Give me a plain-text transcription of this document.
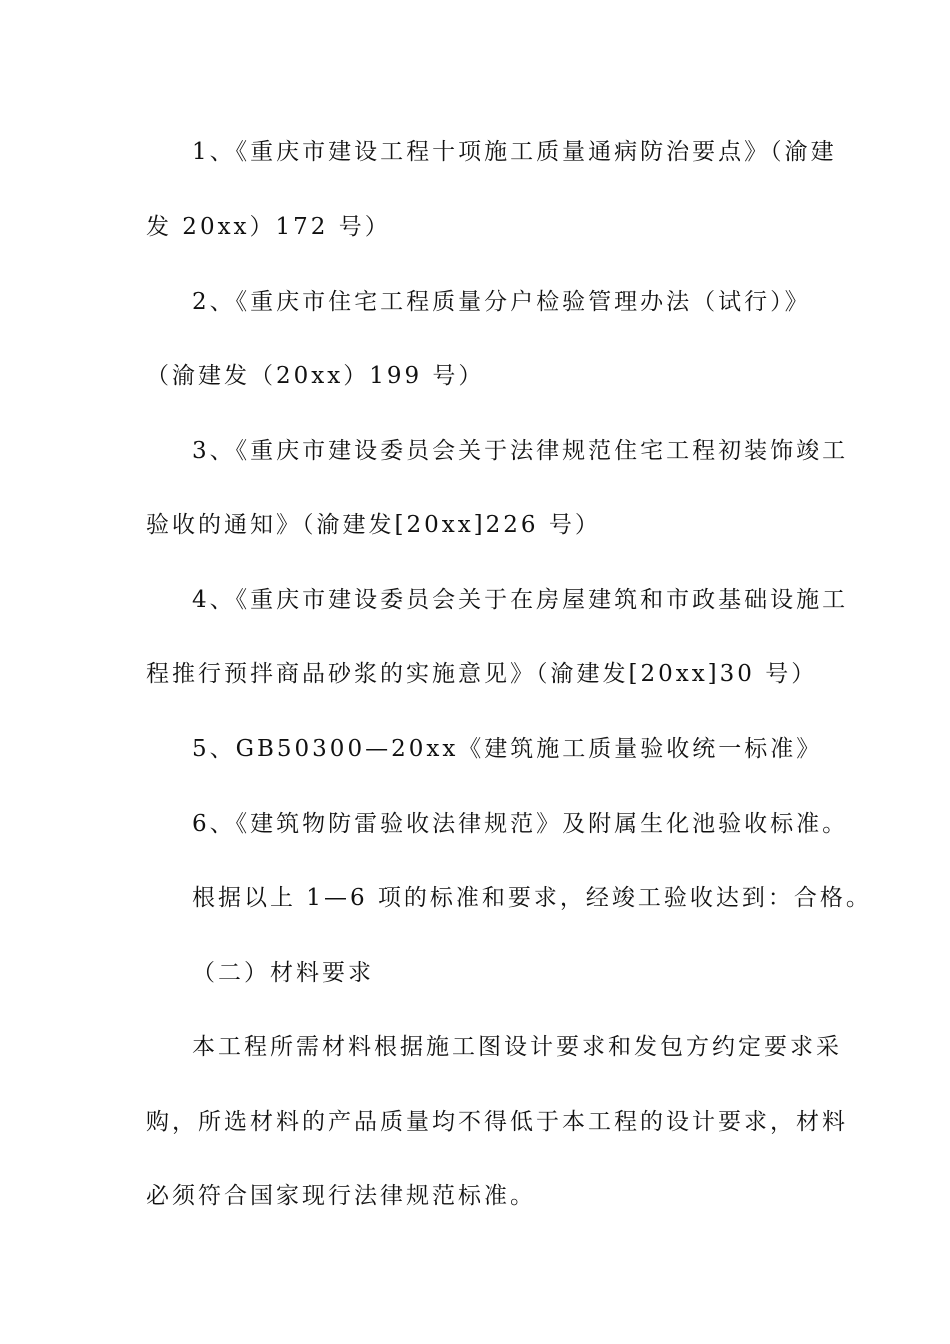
1、《重庆市建设工程十项施工质量通病防治要点》（渝建
发 20xx）172 号）
2、《重庆市住宅工程质量分户检验管理办法（试行）》
（渝建发（20xx）199 号）
3、《重庆市建设委员会关于法律规范住宅工程初装饰竣工
验收的通知》（渝建发[20xx]226 号）
4、《重庆市建设委员会关于在房屋建筑和市政基础设施工
程推行预拌商品砂浆的实施意见》（渝建发[20xx]30 号）
5、GB50300—20xx《建筑施工质量验收统一标准》
6、《建筑物防雷验收法律规范》及附属生化池验收标准。
根据以上 1—6 项的标准和要求，经竣工验收达到：合格。
（二）材料要求
本工程所需材料根据施工图设计要求和发包方约定要求采
购，所选材料的产品质量均不得低于本工程的设计要求，材料
必须符合国家现行法律规范标准。
